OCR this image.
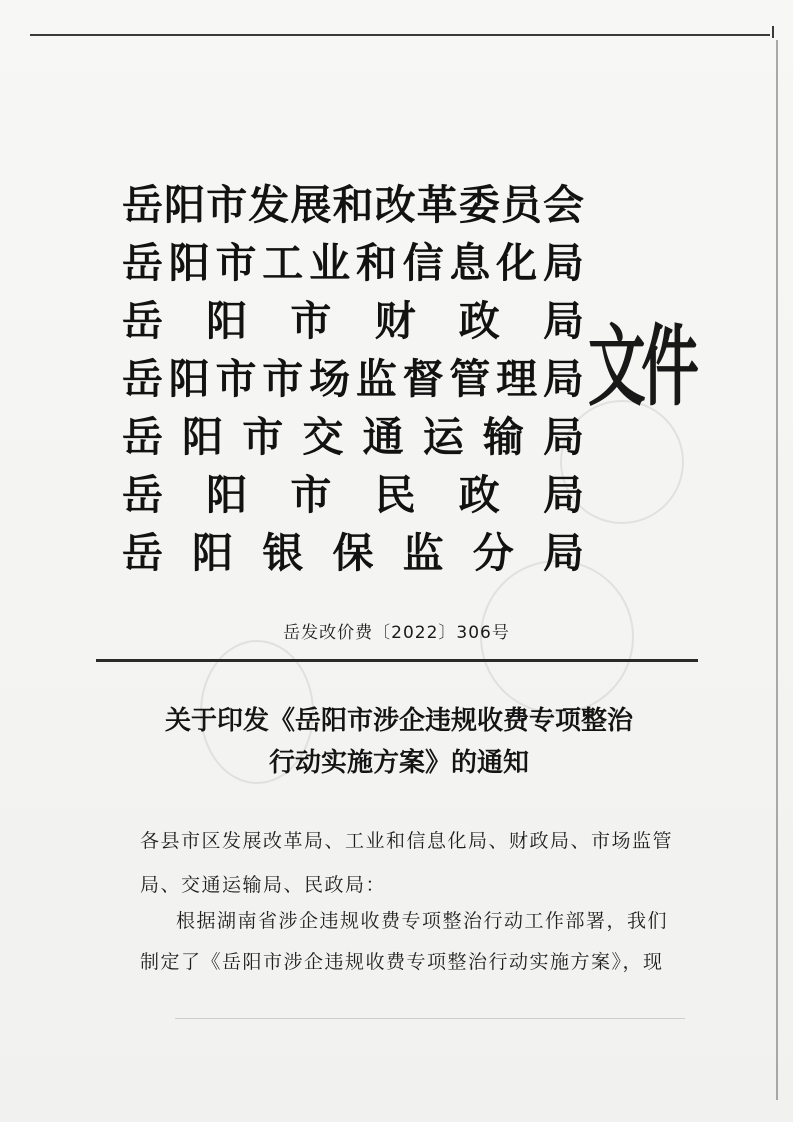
岳 阳 市 发 展 和 改 革 委 员 会
岳 阳 市 工 业 和 信 息 化 局
岳 阳 市 财 政 局
岳 阳 市 市 场 监 督 管 理 局
岳 阳 市 交 通 运 输 局
岳 阳 市 民 政 局
岳 阳 银 保 监 分 局
文件
岳发改价费〔2022〕306号
关于印发《岳阳市涉企违规收费专项整治
行动实施方案》的通知
各县市区发展改革局、工业和信息化局、财政局、市场监管
局、交通运输局、民政局：
根据湖南省涉企违规收费专项整治行动工作部署，我们
制定了《岳阳市涉企违规收费专项整治行动实施方案》，现
